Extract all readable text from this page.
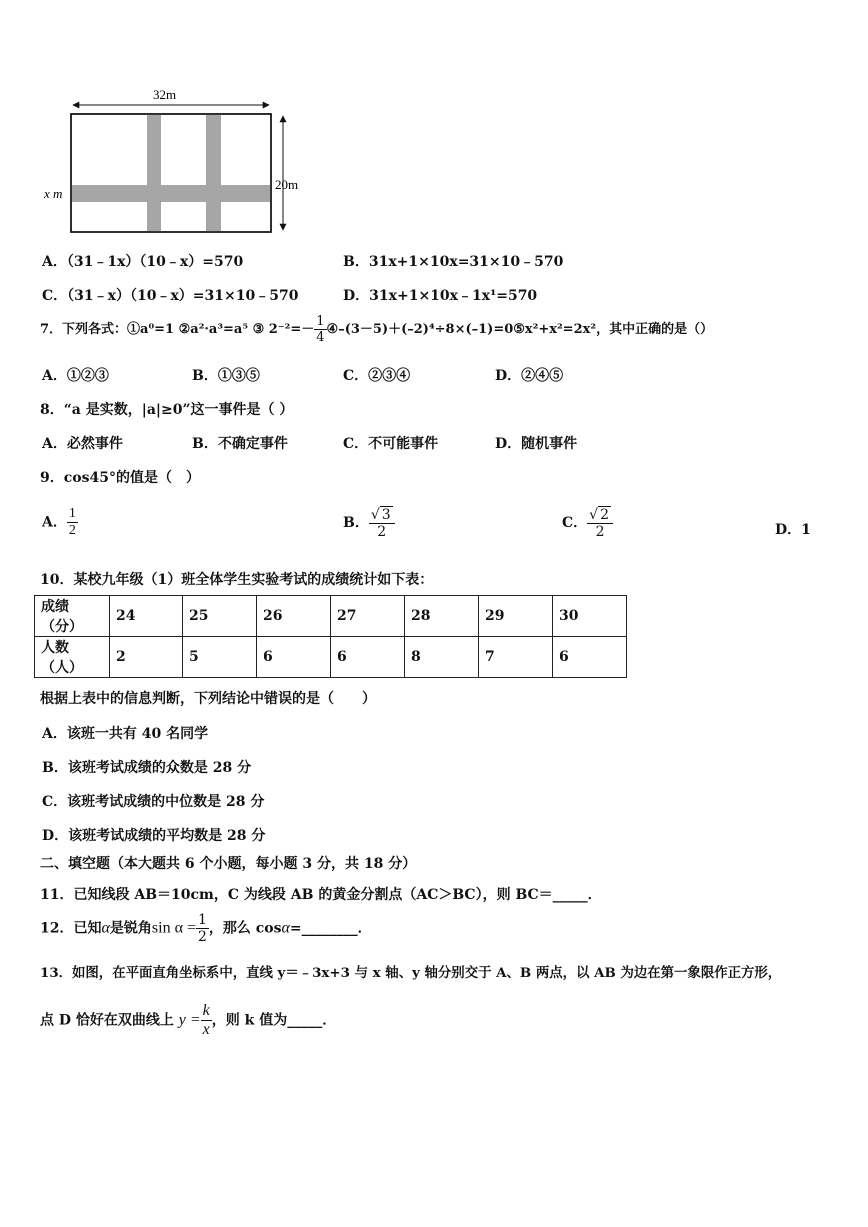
32m
20m
x m
A．（31﹣1x）（10﹣x）=570	B．31x+1×10x=31×10﹣570
C．（31﹣x）（10﹣x）=31×10﹣570	D．31x+1×10x﹣1x¹=570
7．下列各式：①a⁰=1 ②a²·a³=a⁵ ③ $2^{-2}=- \frac{1}{4}$ ④–(3－5)＋(–2)⁴÷8×(–1)=0⑤x²+x²=2x²，其中正确的是（）
A．①②③	B．①③⑤	C．②③④	D．②④⑤
8．“a 是实数，|a|≥0”这一事件是（ ）
A．必然事件	B．不确定事件	C．不可能事件	D．随机事件
9．cos45°的值是（　）
A． $\frac{1}{2}$	B． $\frac{√ 3}{2}$	C． $\frac{√ 2}{2}$	D．1
10．某校九年级（1）班全体学生实验考试的成绩统计如下表：
成绩（分）	24	25	26	27	28	29	30
人数（人）	2	5	6	6	8	7	6
根据上表中的信息判断，下列结论中错误的是（　　）
A．该班一共有 40 名同学
B．该班考试成绩的众数是 28 分
C．该班考试成绩的中位数是 28 分
D．该班考试成绩的平均数是 28 分
二、填空题（本大题共 6 个小题，每小题 3 分，共 18 分）
11．已知线段 AB＝10cm，C 为线段 AB 的黄金分割点（AC＞BC），则 BC＝_____．
12．已知α是锐角$\sin \alpha = \frac{1}{2}$ ，那么 cosα=________．
13．如图，在平面直角坐标系中，直线 y＝﹣3x+3 与 x 轴、y 轴分别交于 A、B 两点，以 AB 为边在第一象限作正方形，
点 D 恰好在双曲线上 $y = \frac{k}{x}$ ，则 k 值为_____．
